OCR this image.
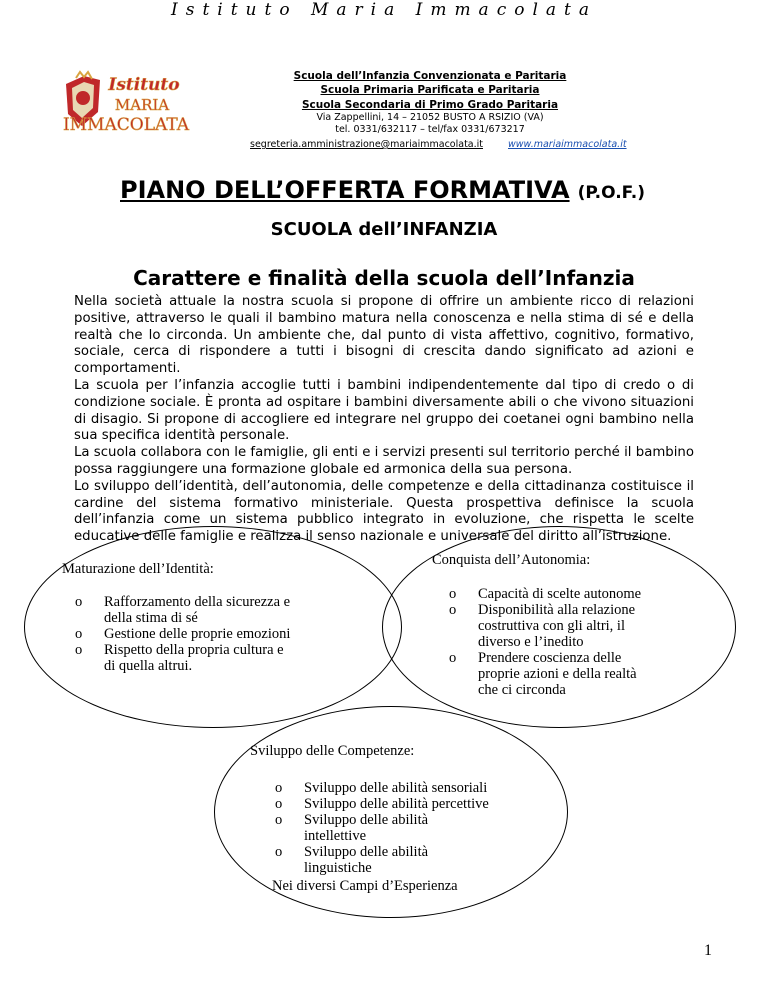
Istituto Maria Immacolata
Istituto
MARIA
IMMACOLATA
Scuola dell’Infanzia Convenzionata e Paritaria
Scuola Primaria Parificata e Paritaria
Scuola Secondaria di Primo Grado Paritaria
Via Zappellini, 14 – 21052 BUSTO A RSIZIO (VA)
tel. 0331/632117 – tel/fax 0331/673217
segreteria.amministrazione@mariaimmacolata.it	www.mariaimmacolata.it
PIANO DELL’OFFERTA FORMATIVA (P.O.F.)
SCUOLA dell’INFANZIA
Carattere e finalità della scuola dell’Infanzia

Nella società attuale la nostra scuola si propone di offrire un ambiente ricco di relazioni positive, attraverso le quali il bambino matura nella conoscenza e nella stima di sé e della realtà che lo circonda. Un ambiente che, dal punto di vista affettivo, cognitivo, formativo, sociale, cerca di rispondere a tutti i bisogni di crescita dando significato ad azioni e comportamenti.

La scuola per l’infanzia accoglie tutti i bambini indipendentemente dal tipo di credo o di condizione sociale. È pronta ad ospitare i bambini diversamente abili o che vivono situazioni di disagio. Si propone di accogliere ed integrare nel gruppo dei coetanei ogni bambino nella sua specifica identità personale.

La scuola collabora con le famiglie, gli enti e i servizi presenti sul territorio perché il bambino possa raggiungere una formazione globale ed armonica della sua persona.

Lo sviluppo dell’identità, dell’autonomia, delle competenze e della cittadinanza costituisce il cardine del sistema formativo ministeriale. Questa prospettiva definisce la scuola dell’infanzia come un sistema pubblico integrato in evoluzione, che rispetta le scelte educative delle famiglie e realizza il senso nazionale e universale del diritto all’istruzione.

Maturazione dell’Identità:
o Rafforzamento della sicurezza e della stima di sé
o Gestione delle proprie emozioni
o Rispetto della propria cultura e di quella altrui.
Conquista dell’Autonomia:
o Capacità di scelte autonome
o Disponibilità alla relazione costruttiva con gli altri, il diverso e l’inedito
o Prendere coscienza delle proprie azioni e della realtà che ci circonda
Sviluppo delle Competenze:
o Sviluppo delle abilità sensoriali
o Sviluppo delle abilità percettive
o Sviluppo delle abilità intellettive
o Sviluppo delle abilità linguistiche
Nei diversi Campi d’Esperienza
1
